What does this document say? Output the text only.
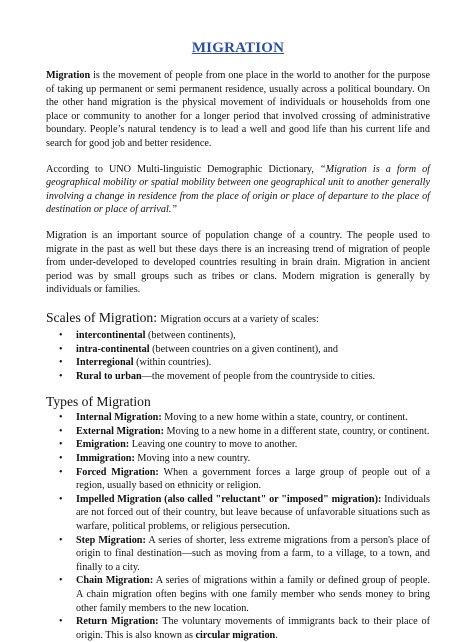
MIGRATION

Migration is the movement of people from one place in the world to another for the purpose of taking up permanent or semi permanent residence, usually across a political boundary. On the other hand migration is the physical movement of individuals or households from one place or community to another for a longer period that involved crossing of administrative boundary. People’s natural tendency is to lead a well and good life than his current life and search for good job and better residence.

According to UNO Multi-linguistic Demographic Dictionary, “Migration is a form of geographical mobility or spatial mobility between one geographical unit to another generally involving a change in residence from the place of origin or place of departure to the place of destination or place of arrival.”

Migration is an important source of population change of a country. The people used to migrate in the past as well but these days there is an increasing trend of migration of people from under-developed to developed countries resulting in brain drain. Migration in ancient period was by small groups such as tribes or clans. Modern migration is generally by individuals or families.

Scales of Migration: Migration occurs at a variety of scales:
• intercontinental (between continents),
• intra-continental (between countries on a given continent), and
• Interregional (within countries).
• Rural to urban—the movement of people from the countryside to cities.
Types of Migration
• Internal Migration: Moving to a new home within a state, country, or continent.
• External Migration: Moving to a new home in a different state, country, or continent.
• Emigration: Leaving one country to move to another.
• Immigration: Moving into a new country.
• Forced Migration: When a government forces a large group of people out of a region, usually based on ethnicity or religion.
• Impelled Migration (also called "reluctant" or "imposed" migration): Individuals are not forced out of their country, but leave because of unfavorable situations such as warfare, political problems, or religious persecution.
• Step Migration: A series of shorter, less extreme migrations from a person's place of origin to final destination—such as moving from a farm, to a village, to a town, and finally to a city.
• Chain Migration: A series of migrations within a family or defined group of people. A chain migration often begins with one family member who sends money to bring other family members to the new location.
• Return Migration: The voluntary movements of immigrants back to their place of origin. This is also known as circular migration.
